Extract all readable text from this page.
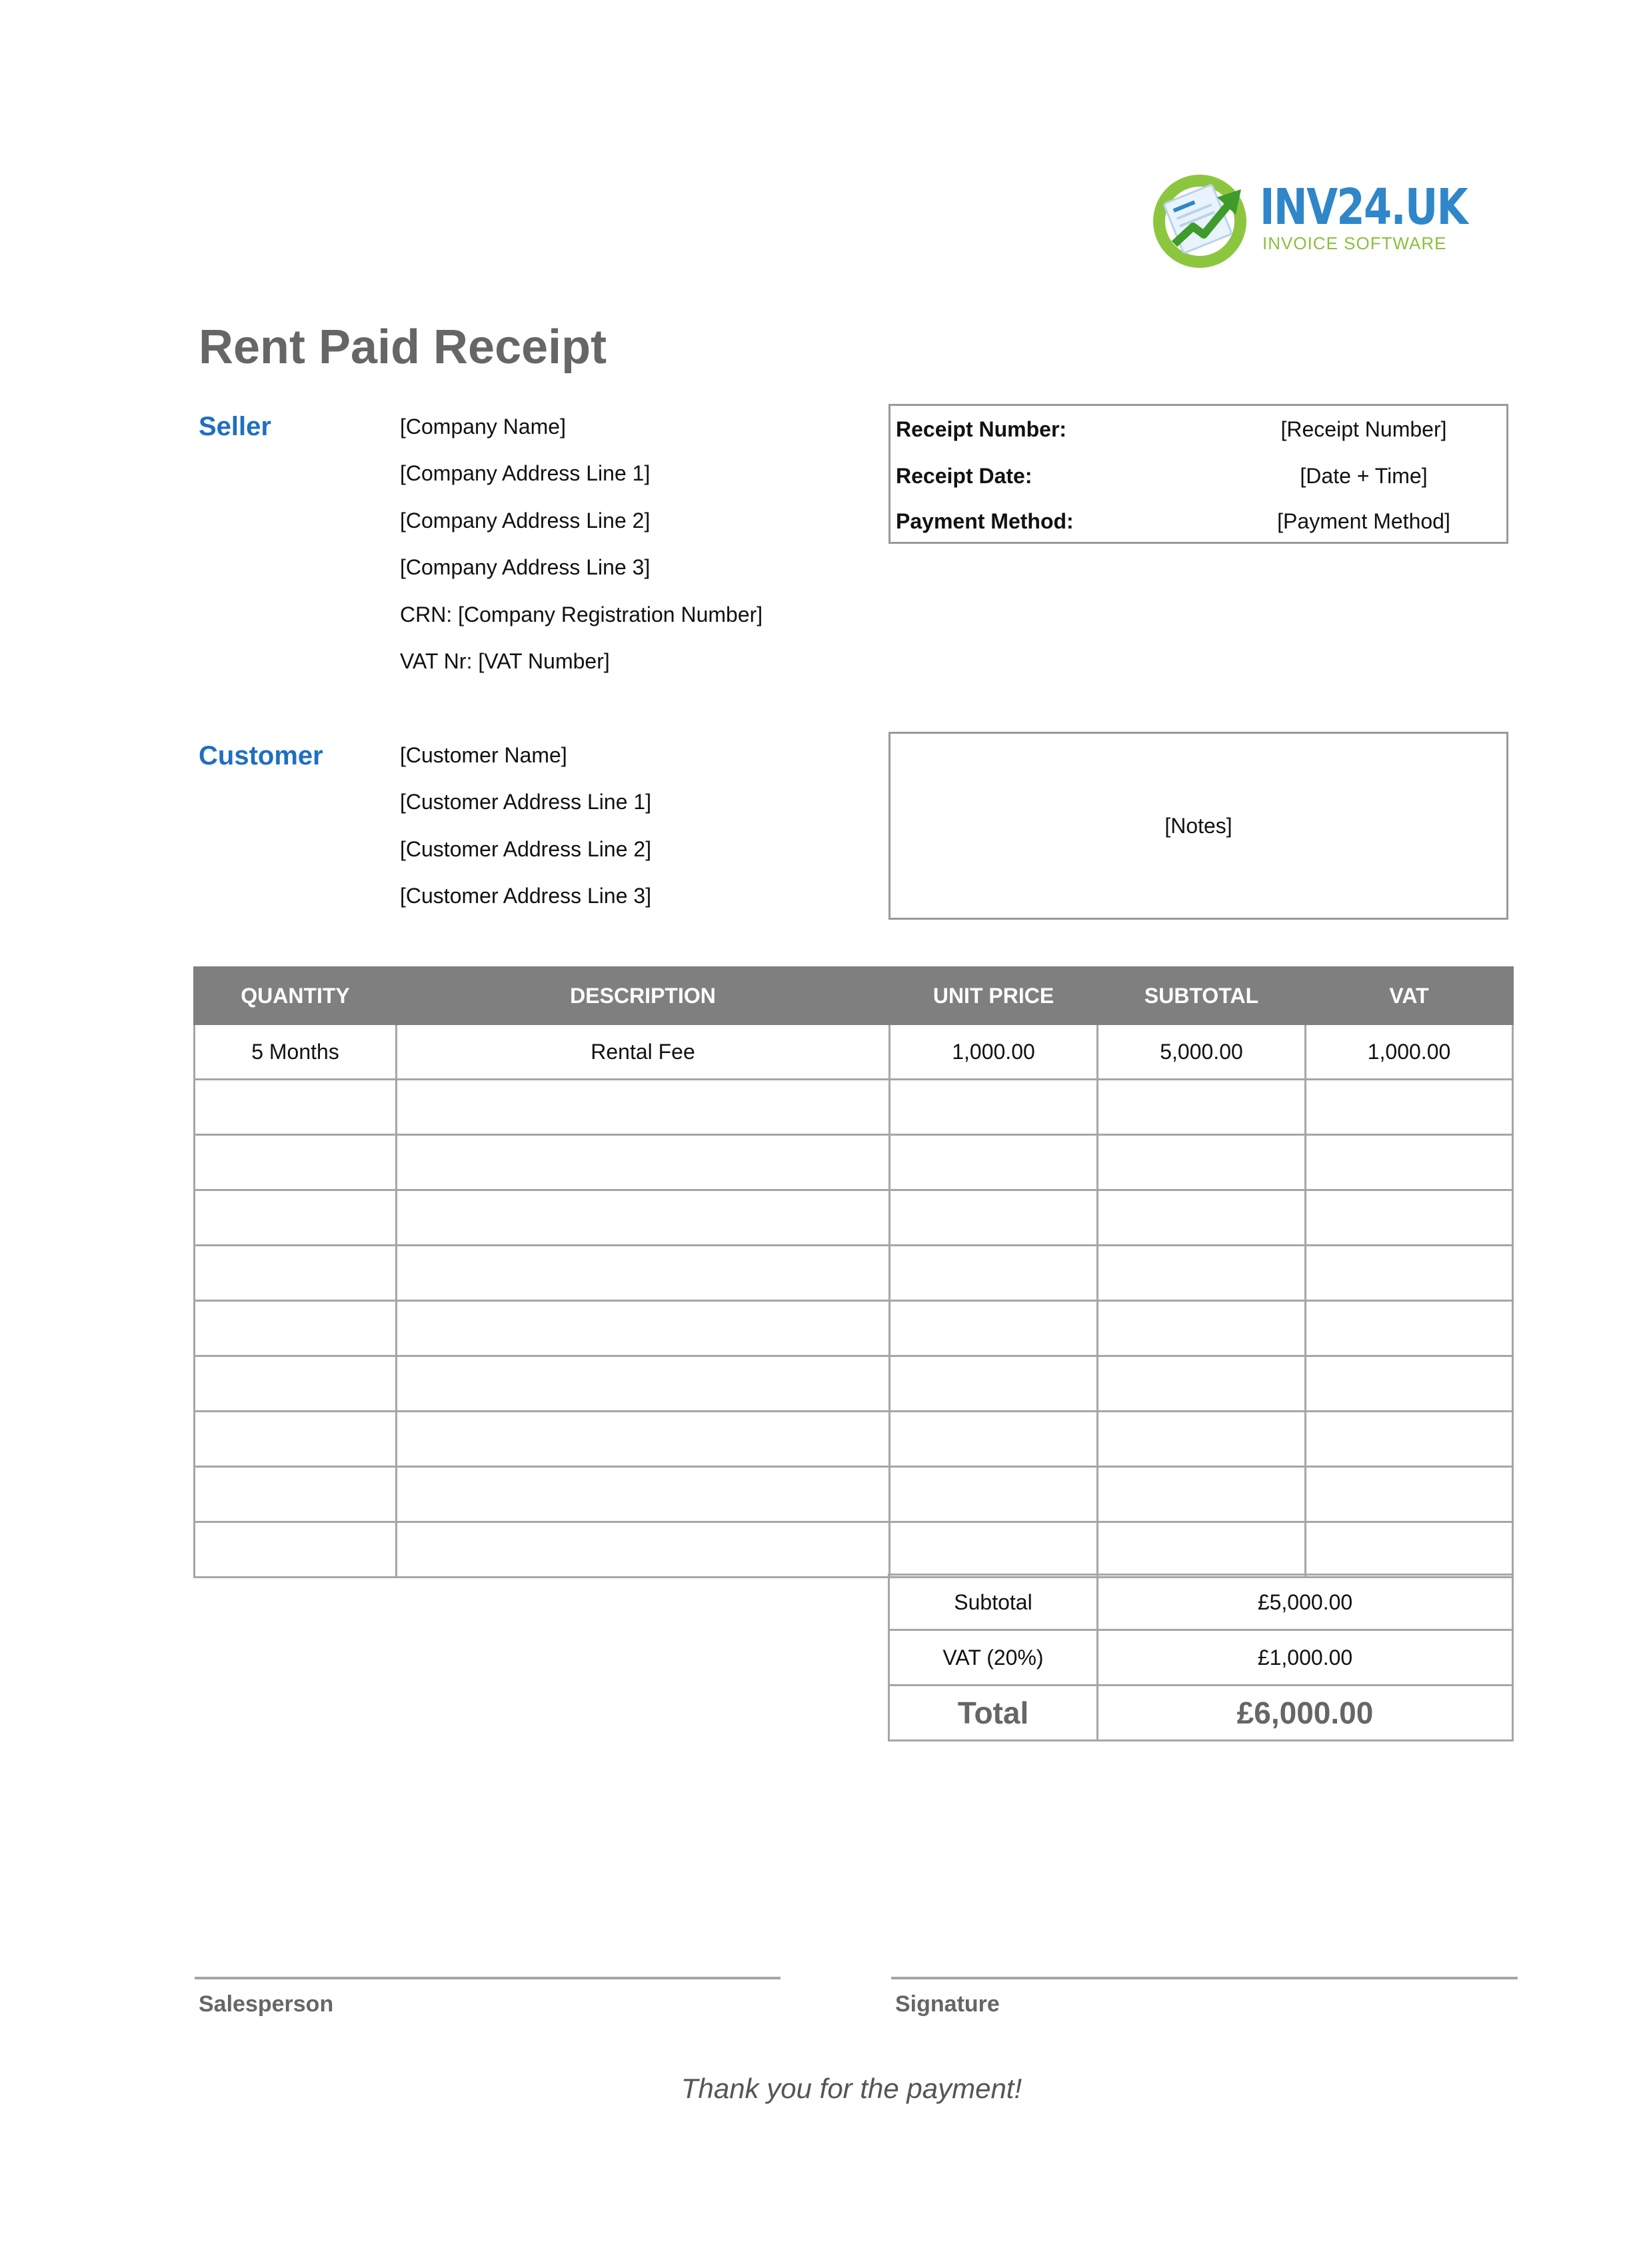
INV24.UK
INVOICE SOFTWARE
Rent Paid Receipt
Seller	[Company Name]
[Company Address Line 1]
[Company Address Line 2]
[Company Address Line 3]
CRN: [Company Registration Number]
VAT Nr: [VAT Number]
Receipt Number:	[Receipt Number]
Receipt Date:	[Date + Time]
Payment Method:	[Payment Method]
Customer	[Customer Name]
[Customer Address Line 1]
[Customer Address Line 2]
[Customer Address Line 3]
[Notes]
QUANTITY	DESCRIPTION	UNIT PRICE	SUBTOTAL	VAT
5 Months	Rental Fee	1,000.00	5,000.00	1,000.00

Subtotal	£5,000.00
VAT (20%)	£1,000.00
Total	£6,000.00
Salesperson	Signature
Thank you for the payment!
